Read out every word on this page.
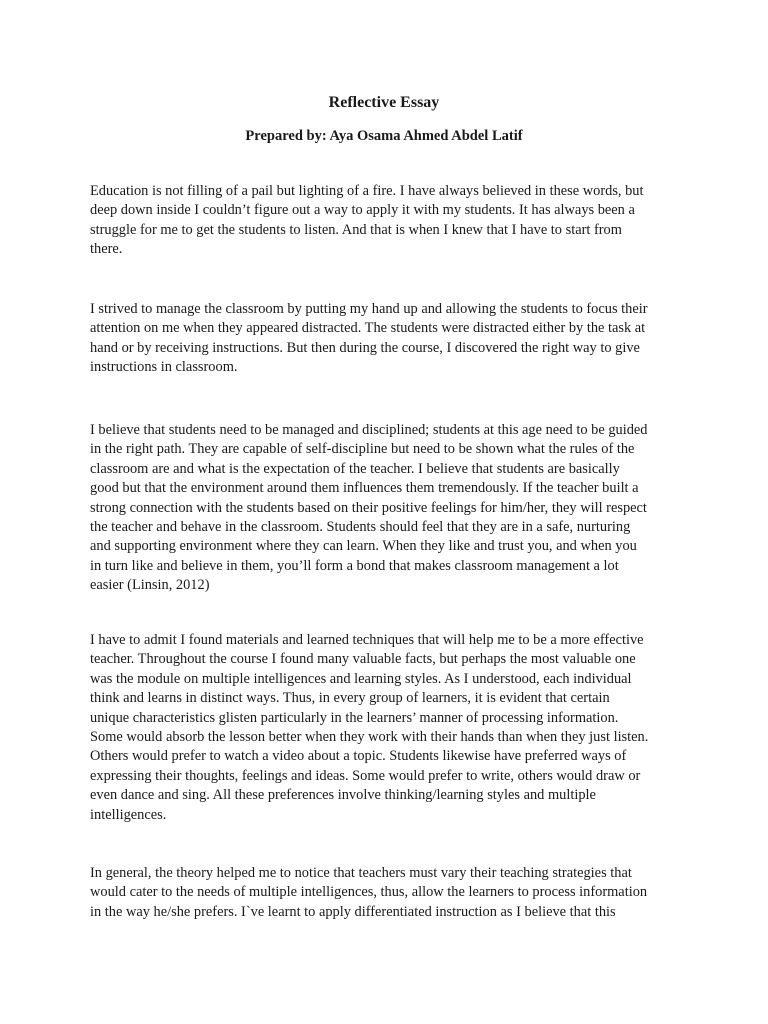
Reflective Essay
Prepared by: Aya Osama Ahmed Abdel Latif

Education is not filling of a pail but lighting of a fire. I have always believed in these words, but
deep down inside I couldn’t figure out a way to apply it with my students. It has always been a
struggle for me to get the students to listen. And that is when I knew that I have to start from
there.

I strived to manage the classroom by putting my hand up and allowing the students to focus their
attention on me when they appeared distracted. The students were distracted either by the task at
hand or by receiving instructions. But then during the course, I discovered the right way to give
instructions in classroom.

I believe that students need to be managed and disciplined; students at this age need to be guided
in the right path. They are capable of self-discipline but need to be shown what the rules of the
classroom are and what is the expectation of the teacher. I believe that students are basically
good but that the environment around them influences them tremendously. If the teacher built a
strong connection with the students based on their positive feelings for him/her, they will respect
the teacher and behave in the classroom. Students should feel that they are in a safe, nurturing
and supporting environment where they can learn. When they like and trust you, and when you
in turn like and believe in them, you’ll form a bond that makes classroom management a lot
easier (Linsin, 2012)

I have to admit I found materials and learned techniques that will help me to be a more effective
teacher. Throughout the course I found many valuable facts, but perhaps the most valuable one
was the module on multiple intelligences and learning styles. As I understood, each individual
think and learns in distinct ways. Thus, in every group of learners, it is evident that certain
unique characteristics glisten particularly in the learners’ manner of processing information.
Some would absorb the lesson better when they work with their hands than when they just listen.
Others would prefer to watch a video about a topic. Students likewise have preferred ways of
expressing their thoughts, feelings and ideas. Some would prefer to write, others would draw or
even dance and sing. All these preferences involve thinking/learning styles and multiple
intelligences.

In general, the theory helped me to notice that teachers must vary their teaching strategies that
would cater to the needs of multiple intelligences, thus, allow the learners to process information
in the way he/she prefers. I`ve learnt to apply differentiated instruction as I believe that this
